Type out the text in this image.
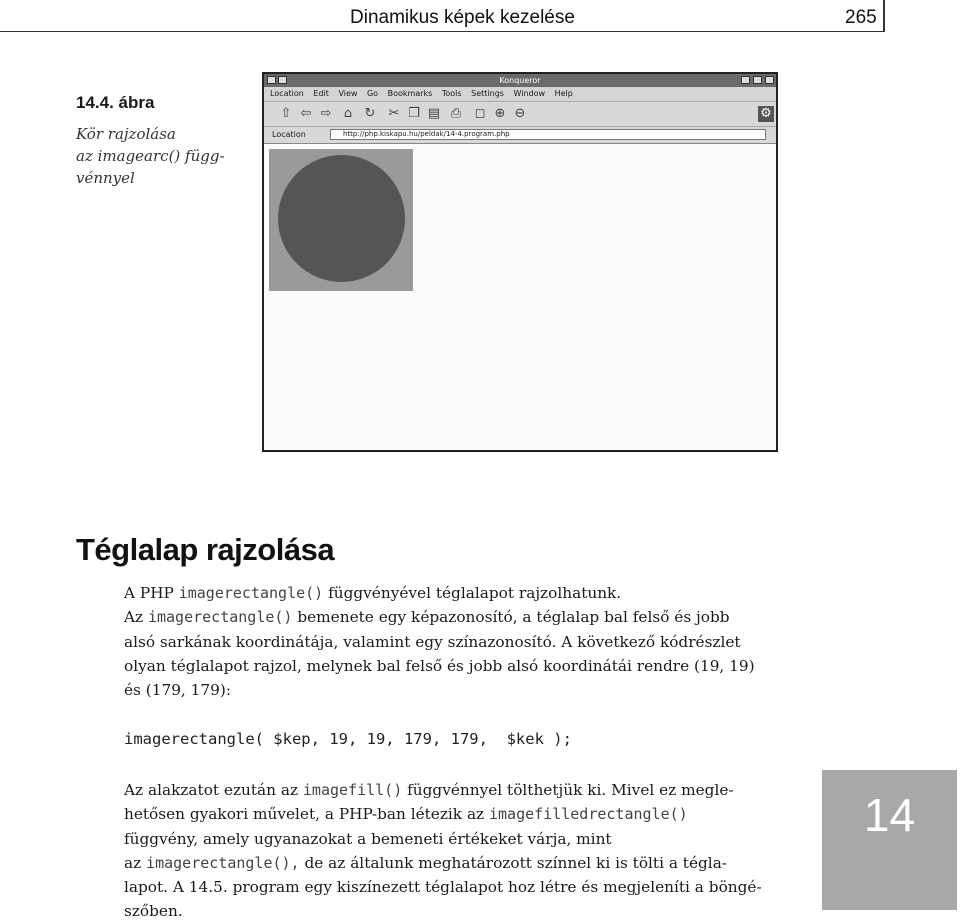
Dinamikus képek kezelése	265
14.4. ábra
Kör rajzolása
az imagearc() függ-
vénnyel
Konqueror
Location Edit View Go Bookmarks Tools Settings Window Help
⇧ ⇦ ⇨ ⌂ ↻ ✂ ❐ ▤ ⎙ ◻ ⊕ ⊖	⚙
Location	http://php.kiskapu.hu/peldak/14-4.program.php
Téglalap rajzolása
A PHP imagerectangle() függvényével téglalapot rajzolhatunk.
Az imagerectangle() bemenete egy képazonosító, a téglalap bal felső és jobb
alsó sarkának koordinátája, valamint egy színazonosító. A következő kódrészlet
olyan téglalapot rajzol, melynek bal felső és jobb alsó koordinátái rendre (19, 19)
és (179, 179):
imagerectangle( $kep, 19, 19, 179, 179,  $kek );
Az alakzatot ezután az imagefill() függvénnyel tölthetjük ki. Mivel ez megle-
hetősen gyakori művelet, a PHP-ban létezik az imagefilledrectangle()
függvény, amely ugyanazokat a bemeneti értékeket várja, mint
az imagerectangle(), de az általunk meghatározott színnel ki is tölti a tégla-
lapot. A 14.5. program egy kiszínezett téglalapot hoz létre és megjeleníti a böngé-
szőben.
14
